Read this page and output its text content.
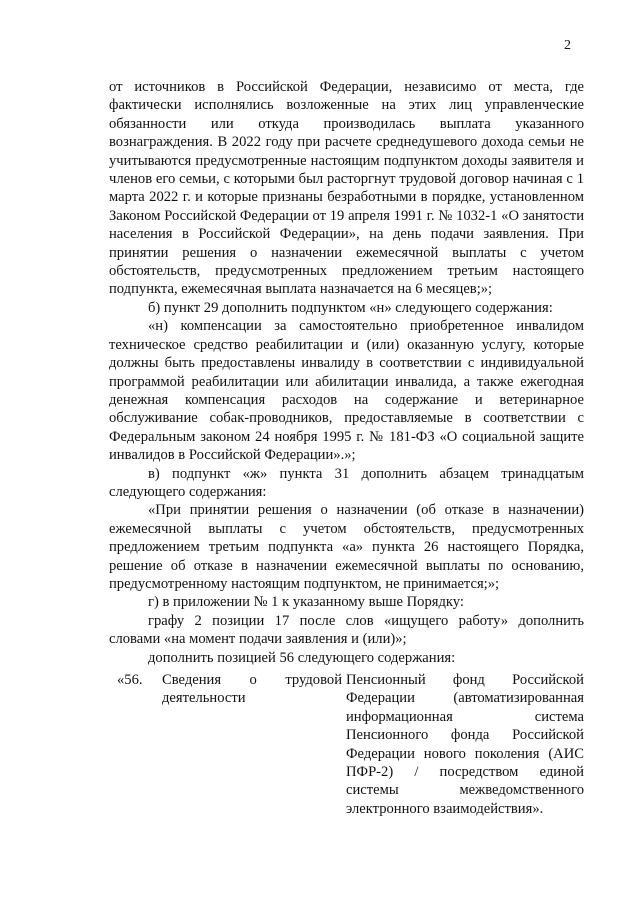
2

от источников в Российской Федерации, независимо от места, где фактически исполнялись возложенные на этих лиц управленческие обязанности или откуда производилась выплата указанного вознаграждения. В 2022 году при расчете среднедушевого дохода семьи не учитываются предусмотренные настоящим подпунктом доходы заявителя и членов его семьи, с которыми был расторгнут трудовой договор начиная с 1 марта 2022 г. и которые признаны безработными в порядке, установленном Законом Российской Федерации от 19 апреля 1991 г. № 1032-1 «О занятости населения в Российской Федерации», на день подачи заявления. При принятии решения о назначении ежемесячной выплаты с учетом обстоятельств, предусмотренных предложением третьим настоящего подпункта, ежемесячная выплата назначается на 6 месяцев;»;

б) пункт 29 дополнить подпунктом «н» следующего содержания:

«н) компенсации за самостоятельно приобретенное инвалидом техническое средство реабилитации и (или) оказанную услугу, которые должны быть предоставлены инвалиду в соответствии с индивидуальной программой реабилитации или абилитации инвалида, а также ежегодная денежная компенсация расходов на содержание и ветеринарное обслуживание собак-проводников, предоставляемые в соответствии с Федеральным законом 24 ноября 1995 г. № 181-ФЗ «О социальной защите инвалидов в Российской Федерации».»;

в) подпункт «ж» пункта 31 дополнить абзацем тринадцатым следующего содержания:

«При принятии решения о назначении (об отказе в назначении) ежемесячной выплаты с учетом обстоятельств, предусмотренных предложением третьим подпункта «а» пункта 26 настоящего Порядка, решение об отказе в назначении ежемесячной выплаты по основанию, предусмотренному настоящим подпунктом, не принимается;»;

г) в приложении № 1 к указанному выше Порядку:

графу 2 позиции 17 после слов «ищущего работу» дополнить словами «на момент подачи заявления и (или)»;

дополнить позицией 56 следующего содержания:

«56. Сведения о трудовой деятельности
Пенсионный фонд Российской Федерации (автоматизированная информационная система Пенсионного фонда Российской Федерации нового поколения (АИС ПФР-2) / посредством единой системы межведомственного электронного взаимодействия».
